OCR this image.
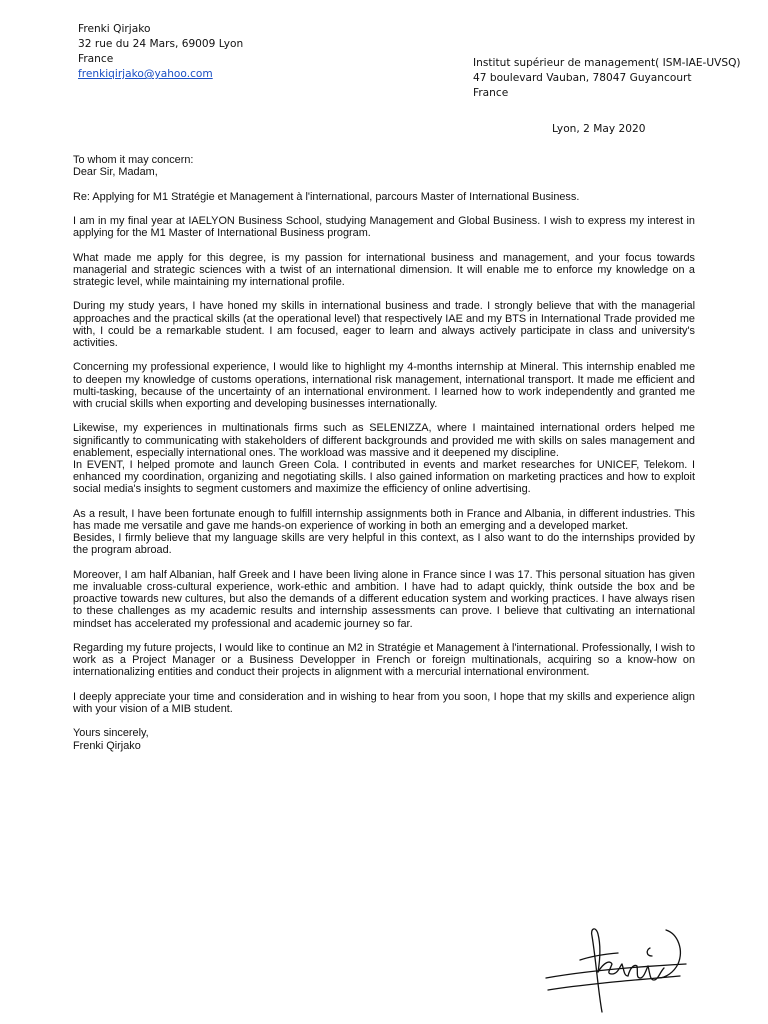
Frenki Qirjako
32 rue du 24 Mars, 69009 Lyon
France
frenkiqirjako@yahoo.com
Institut supérieur de management( ISM-IAE-UVSQ)
47 boulevard Vauban, 78047 Guyancourt
France
Lyon, 2 May 2020

To whom it may concern:

Dear Sir, Madam,

Re: Applying for M1 Stratégie et Management à l'international, parcours Master of International Business.

I am in my final year at IAELYON Business School, studying Management and Global Business. I wish to express my interest in applying for the M1 Master of International Business program.

What made me apply for this degree, is my passion for international business and management, and your focus towards managerial and strategic sciences with a twist of an international dimension. It will enable me to enforce my knowledge on a strategic level, while maintaining my international profile.

During my study years, I have honed my skills in international business and trade. I strongly believe that with the managerial approaches and the practical skills (at the operational level) that respectively IAE and my BTS in International Trade provided me with, I could be a remarkable student. I am focused, eager to learn and always actively participate in class and university's activities.

Concerning my professional experience, I would like to highlight my 4-months internship at Mineral. This internship enabled me to deepen my knowledge of customs operations, international risk management, international transport. It made me efficient and multi-tasking, because of the uncertainty of an international environment. I learned how to work independently and granted me with crucial skills when exporting and developing businesses internationally.

Likewise, my experiences in multinationals firms such as SELENIZZA, where I maintained international orders helped me significantly to communicating with stakeholders of different backgrounds and provided me with skills on sales management and enablement, especially international ones. The workload was massive and it deepened my discipline.

In EVENT, I helped promote and launch Green Cola. I contributed in events and market researches for UNICEF, Telekom. I enhanced my coordination, organizing and negotiating skills. I also gained information on marketing practices and how to exploit social media's insights to segment customers and maximize the efficiency of online advertising.

As a result, I have been fortunate enough to fulfill internship assignments both in France and Albania, in different industries. This has made me versatile and gave me hands-on experience of working in both an emerging and a developed market.

Besides, I firmly believe that my language skills are very helpful in this context, as I also want to do the internships provided by the program abroad.

Moreover, I am half Albanian, half Greek and I have been living alone in France since I was 17. This personal situation has given me invaluable cross-cultural experience, work-ethic and ambition. I have had to adapt quickly, think outside the box and be proactive towards new cultures, but also the demands of a different education system and working practices. I have always risen to these challenges as my academic results and internship assessments can prove. I believe that cultivating an international mindset has accelerated my professional and academic journey so far.

Regarding my future projects, I would like to continue an M2 in Stratégie et Management à l'international. Professionally, I wish to work as a Project Manager or a Business Developper in French or foreign multinationals, acquiring so a know-how on internationalizing entities and conduct their projects in alignment with a mercurial international environment.

I deeply appreciate your time and consideration and in wishing to hear from you soon, I hope that my skills and experience align with your vision of a MIB student.

Yours sincerely,

Frenki Qirjako
